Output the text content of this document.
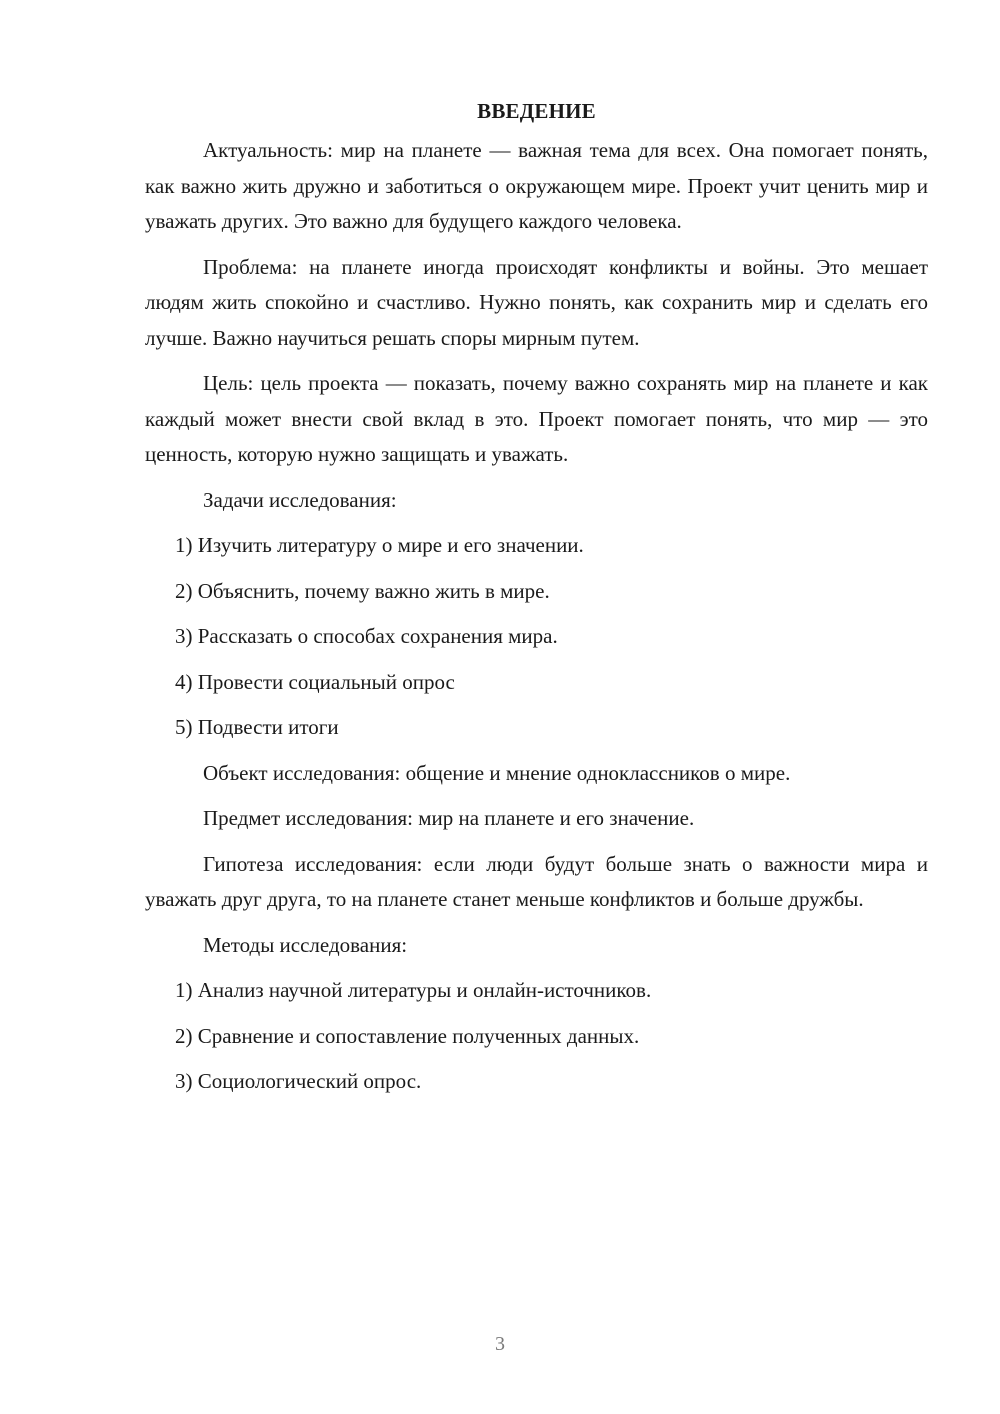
ВВЕДЕНИЕ

Актуальность: мир на планете — важная тема для всех. Она помогает понять, как важно жить дружно и заботиться о окружающем мире. Проект учит ценить мир и уважать других. Это важно для будущего каждого человека.

Проблема: на планете иногда происходят конфликты и войны. Это мешает людям жить спокойно и счастливо. Нужно понять, как сохранить мир и сделать его лучше. Важно научиться решать споры мирным путем.

Цель: цель проекта — показать, почему важно сохранять мир на планете и как каждый может внести свой вклад в это. Проект помогает понять, что мир — это ценность, которую нужно защищать и уважать.

Задачи исследования:
1) Изучить литературу о мире и его значении.
2) Объяснить, почему важно жить в мире.
3) Рассказать о способах сохранения мира.
4) Провести социальный опрос
5) Подвести итоги
Объект исследования: общение и мнение одноклассников о мире.
Предмет исследования: мир на планете и его значение.

Гипотеза исследования: если люди будут больше знать о важности мира и уважать друг друга, то на планете станет меньше конфликтов и больше дружбы.

Методы исследования:
1) Анализ научной литературы и онлайн-источников.
2) Сравнение и сопоставление полученных данных.
3) Социологический опрос.
3
